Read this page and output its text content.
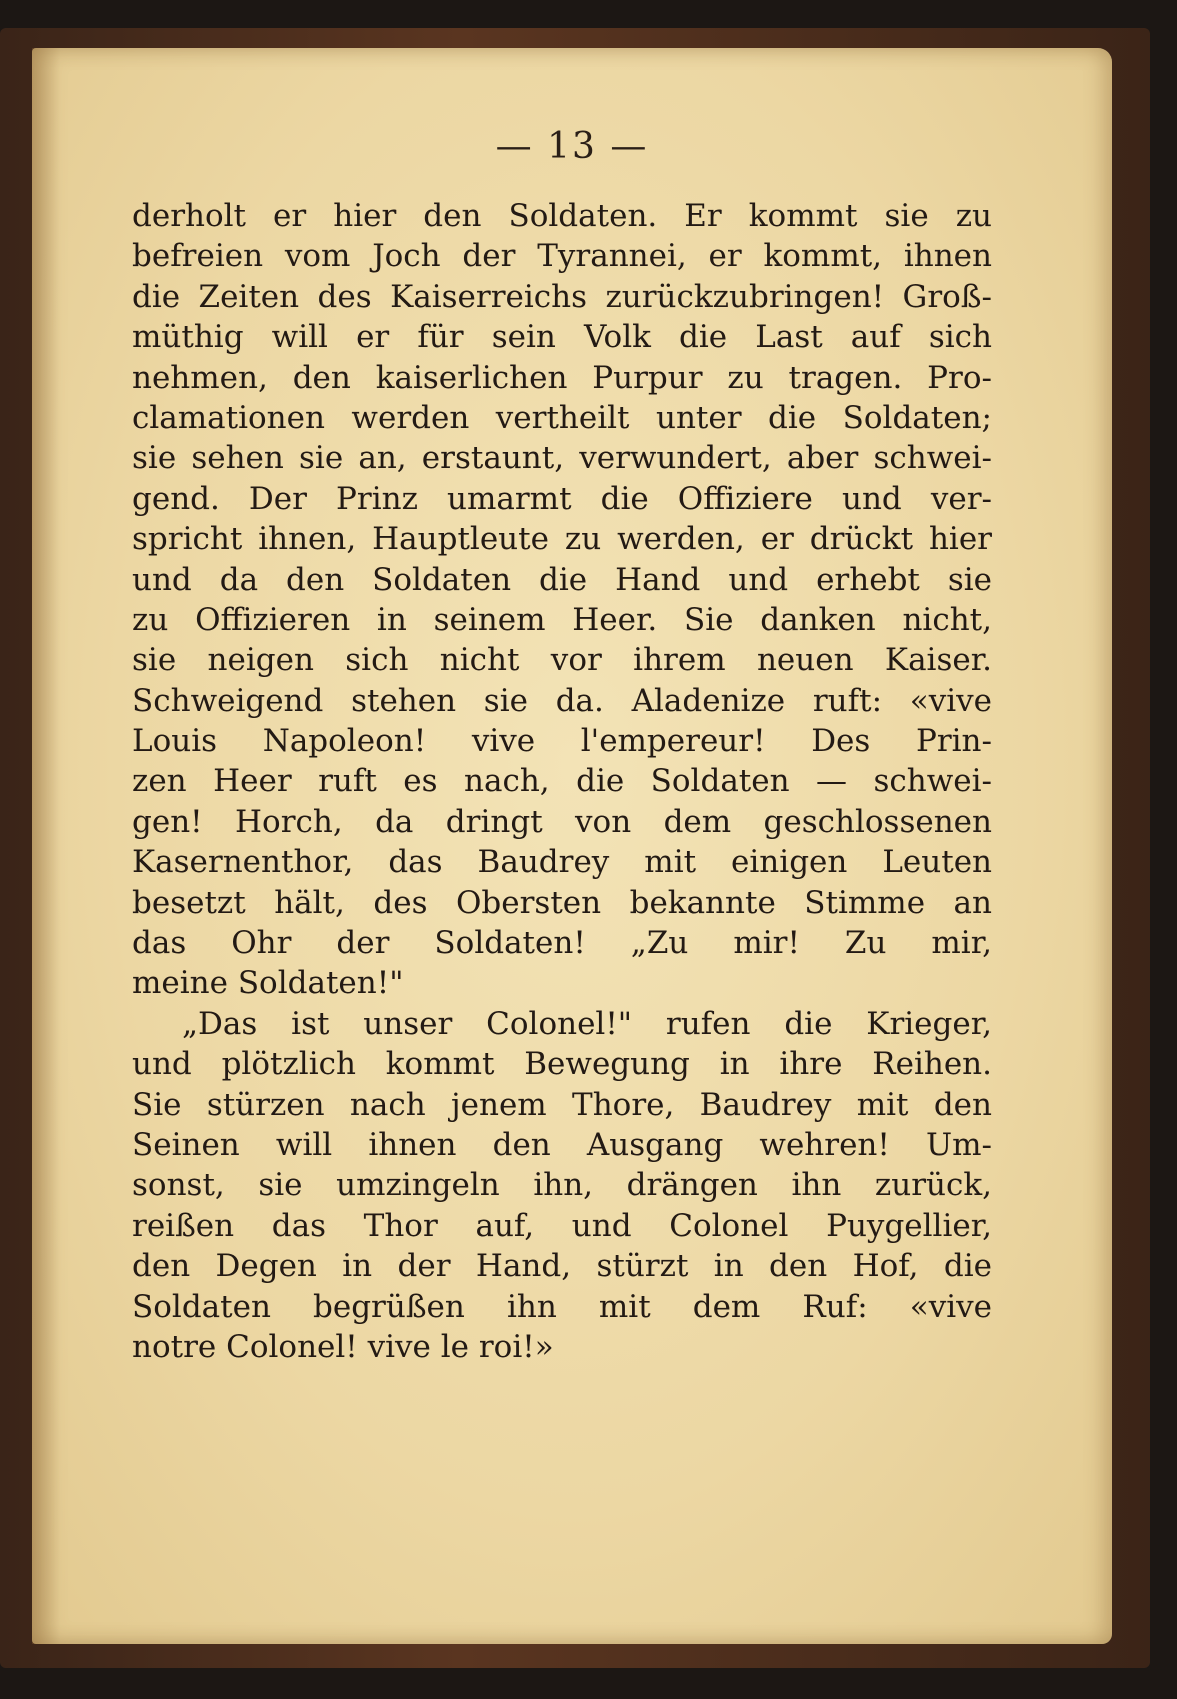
— 13 —
derholt er hier den Soldaten. Er kommt sie zu
befreien vom Joch der Tyrannei, er kommt, ihnen
die Zeiten des Kaiserreichs zurückzubringen! Groß-
müthig will er für sein Volk die Last auf sich
nehmen, den kaiserlichen Purpur zu tragen. Pro-
clamationen werden vertheilt unter die Soldaten;
sie sehen sie an, erstaunt, verwundert, aber schwei-
gend. Der Prinz umarmt die Offiziere und ver-
spricht ihnen, Hauptleute zu werden, er drückt hier
und da den Soldaten die Hand und erhebt sie
zu Offizieren in seinem Heer. Sie danken nicht,
sie neigen sich nicht vor ihrem neuen Kaiser.
Schweigend stehen sie da. Aladenize ruft: «vive
Louis Napoleon! vive l'empereur! Des Prin-
zen Heer ruft es nach, die Soldaten — schwei-
gen! Horch, da dringt von dem geschlossenen
Kasernenthor, das Baudrey mit einigen Leuten
besetzt hält, des Obersten bekannte Stimme an
das Ohr der Soldaten! „Zu mir! Zu mir,
meine Soldaten!"
„Das ist unser Colonel!" rufen die Krieger,
und plötzlich kommt Bewegung in ihre Reihen.
Sie stürzen nach jenem Thore, Baudrey mit den
Seinen will ihnen den Ausgang wehren! Um-
sonst, sie umzingeln ihn, drängen ihn zurück,
reißen das Thor auf, und Colonel Puygellier,
den Degen in der Hand, stürzt in den Hof, die
Soldaten begrüßen ihn mit dem Ruf: «vive
notre Colonel! vive le roi!»
